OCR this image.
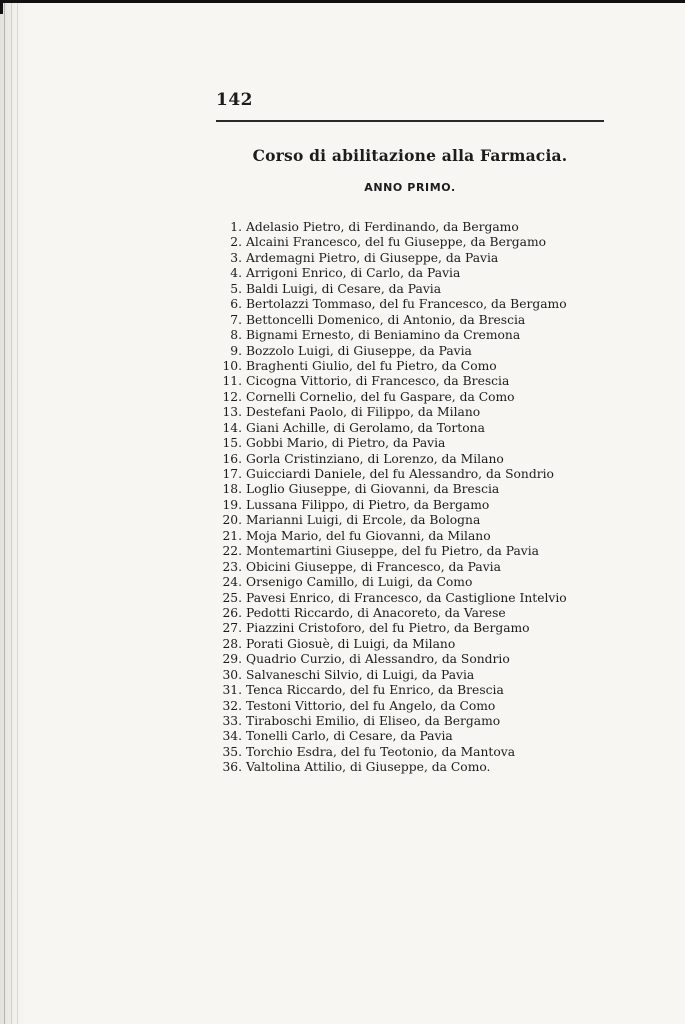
142
Corso di abilitazione alla Farmacia.
ANNO PRIMO.
1. Adelasio Pietro, di Ferdinando, da Bergamo
2. Alcaini Francesco, del fu Giuseppe, da Bergamo
3. Ardemagni Pietro, di Giuseppe, da Pavia
4. Arrigoni Enrico, di Carlo, da Pavia
5. Baldi Luigi, di Cesare, da Pavia
6. Bertolazzi Tommaso, del fu Francesco, da Bergamo
7. Bettoncelli Domenico, di Antonio, da Brescia
8. Bignami Ernesto, di Beniamino da Cremona
9. Bozzolo Luigi, di Giuseppe, da Pavia
10. Braghenti Giulio, del fu Pietro, da Como
11. Cicogna Vittorio, di Francesco, da Brescia
12. Cornelli Cornelio, del fu Gaspare, da Como
13. Destefani Paolo, di Filippo, da Milano
14. Giani Achille, di Gerolamo, da Tortona
15. Gobbi Mario, di Pietro, da Pavia
16. Gorla Cristinziano, di Lorenzo, da Milano
17. Guicciardi Daniele, del fu Alessandro, da Sondrio
18. Loglio Giuseppe, di Giovanni, da Brescia
19. Lussana Filippo, di Pietro, da Bergamo
20. Marianni Luigi, di Ercole, da Bologna
21. Moja Mario, del fu Giovanni, da Milano
22. Montemartini Giuseppe, del fu Pietro, da Pavia
23. Obicini Giuseppe, di Francesco, da Pavia
24. Orsenigo Camillo, di Luigi, da Como
25. Pavesi Enrico, di Francesco, da Castiglione Intelvio
26. Pedotti Riccardo, di Anacoreto, da Varese
27. Piazzini Cristoforo, del fu Pietro, da Bergamo
28. Porati Giosuè, di Luigi, da Milano
29. Quadrio Curzio, di Alessandro, da Sondrio
30. Salvaneschi Silvio, di Luigi, da Pavia
31. Tenca Riccardo, del fu Enrico, da Brescia
32. Testoni Vittorio, del fu Angelo, da Como
33. Tiraboschi Emilio, di Eliseo, da Bergamo
34. Tonelli Carlo, di Cesare, da Pavia
35. Torchio Esdra, del fu Teotonio, da Mantova
36. Valtolina Attilio, di Giuseppe, da Como.
